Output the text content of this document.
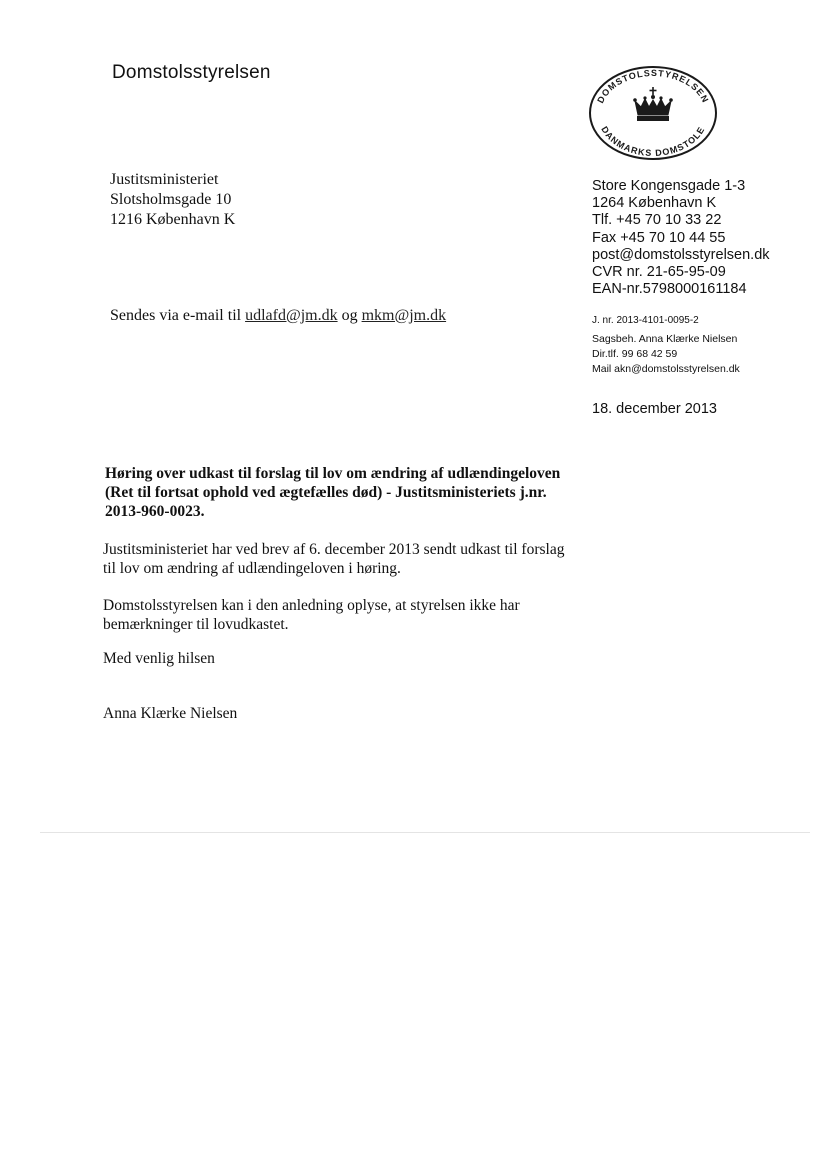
Domstolsstyrelsen
DOMSTOLSSTYRELSEN
DANMARKS DOMSTOLE
Justitsministeriet
Slotsholmsgade 10
1216 København K
Store Kongensgade 1-3
1264 København K
Tlf. +45 70 10 33 22
Fax +45 70 10 44 55
post@domstolsstyrelsen.dk
CVR nr. 21-65-95-09
EAN-nr.5798000161184
Sendes via e-mail til udlafd@jm.dk og mkm@jm.dk	J. nr. 2013-4101-0095-2
Sagsbeh. Anna Klærke Nielsen
Dir.tlf. 99 68 42 59
Mail akn@domstolsstyrelsen.dk
18. december 2013
Høring over udkast til forslag til lov om ændring af udlændingeloven
(Ret til fortsat ophold ved ægtefælles død) - Justitsministeriets j.nr.
2013-960-0023.
Justitsministeriet har ved brev af 6. december 2013 sendt udkast til forslag
til lov om ændring af udlændingeloven i høring.
Domstolsstyrelsen kan i den anledning oplyse, at styrelsen ikke har
bemærkninger til lovudkastet.
Med venlig hilsen
Anna Klærke Nielsen
